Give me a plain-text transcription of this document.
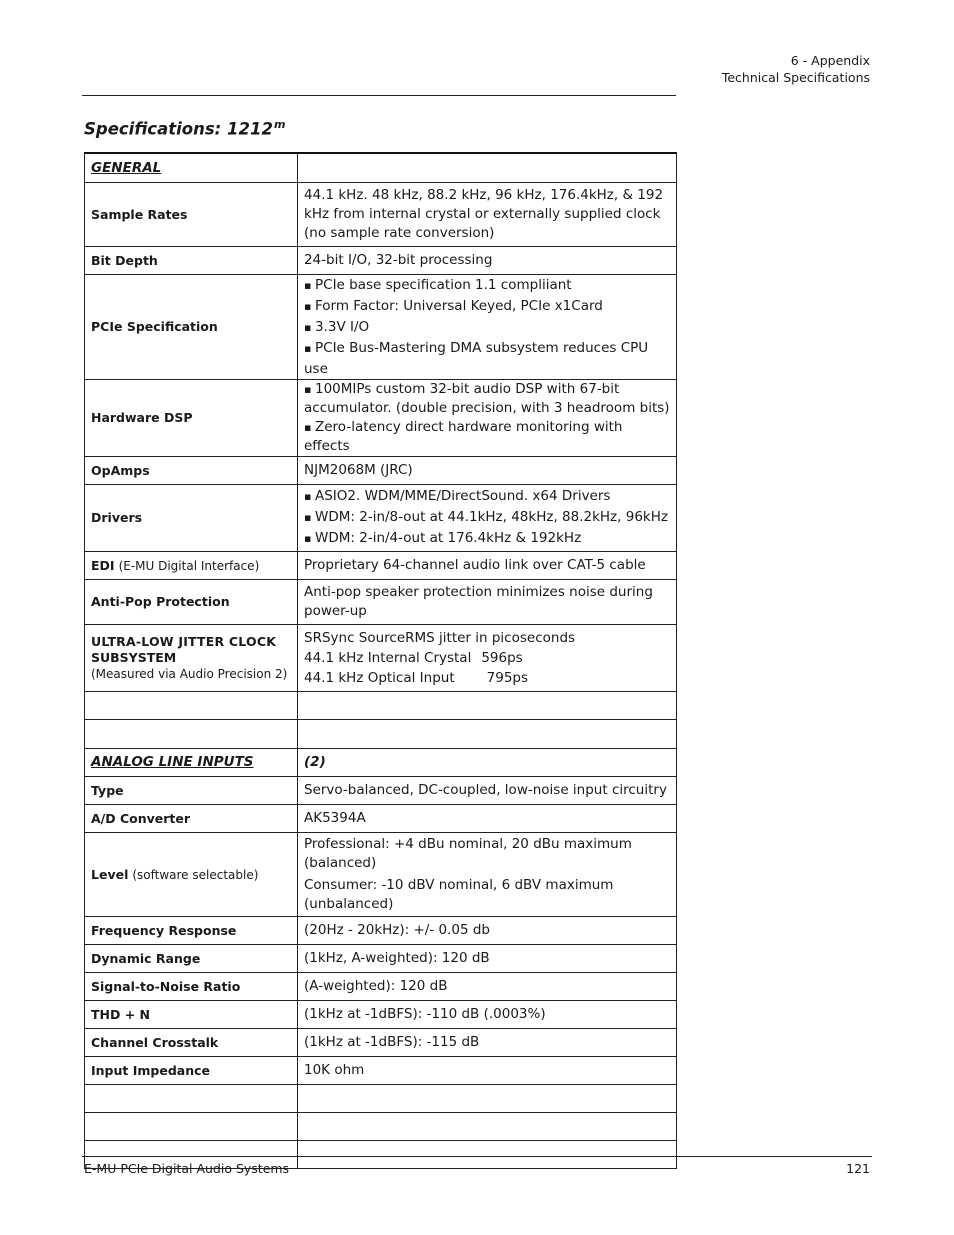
6 - Appendix
Technical Specifications
Specifications: 1212$^m$
GENERAL	
Sample Rates	44.1 kHz. 48 kHz, 88.2 kHz, 96 kHz, 176.4kHz, & 192 kHz from internal crystal or externally supplied clock (no sample rate conversion)
Bit Depth	24-bit I/O, 32-bit processing
PCIe Specification	▪ PCIe base specification 1.1 compliiant
▪ Form Factor: Universal Keyed, PCIe x1Card
▪ 3.3V I/O
▪ PCIe Bus-Mastering DMA subsystem reduces CPU use

Hardware DSP	▪ 100MIPs custom 32-bit audio DSP with 67-bit accumulator. (double precision, with 3 headroom bits)
▪ Zero-latency direct hardware monitoring with effects

OpAmps	NJM2068M (JRC)
Drivers	▪ ASIO2. WDM/MME/DirectSound. x64 Drivers
▪ WDM: 2-in/8-out at 44.1kHz, 48kHz, 88.2kHz, 96kHz
▪ WDM: 2-in/4-out at 176.4kHz & 192kHz

EDI (E-MU Digital Interface)	Proprietary 64-channel audio link over CAT-5 cable
Anti-Pop Protection	Anti-pop speaker protection minimizes noise during power-up

ULTRA-LOW JITTER CLOCK
SUBSYSTEM
(Measured via Audio Precision 2)	SRSync SourceRMS jitter in picoseconds
44.1 kHz Internal Crystal 596ps
44.1 kHz Optical Input 795ps

ANALOG LINE INPUTS	(2)
Type	Servo-balanced, DC-coupled, low-noise input circuitry
A/D Converter	AK5394A
Level (software selectable)	Professional: +4 dBu nominal, 20 dBu maximum (balanced)
Consumer: -10 dBV nominal, 6 dBV maximum (unbalanced)

Frequency Response	(20Hz - 20kHz): +/- 0.05 db
Dynamic Range	(1kHz, A-weighted): 120 dB
Signal-to-Noise Ratio	(A-weighted): 120 dB
THD + N	(1kHz at -1dBFS): -110 dB (.0003%)
Channel Crosstalk	(1kHz at -1dBFS): -115 dB
Input Impedance	10K ohm

E-MU PCIe Digital Audio Systems	121
